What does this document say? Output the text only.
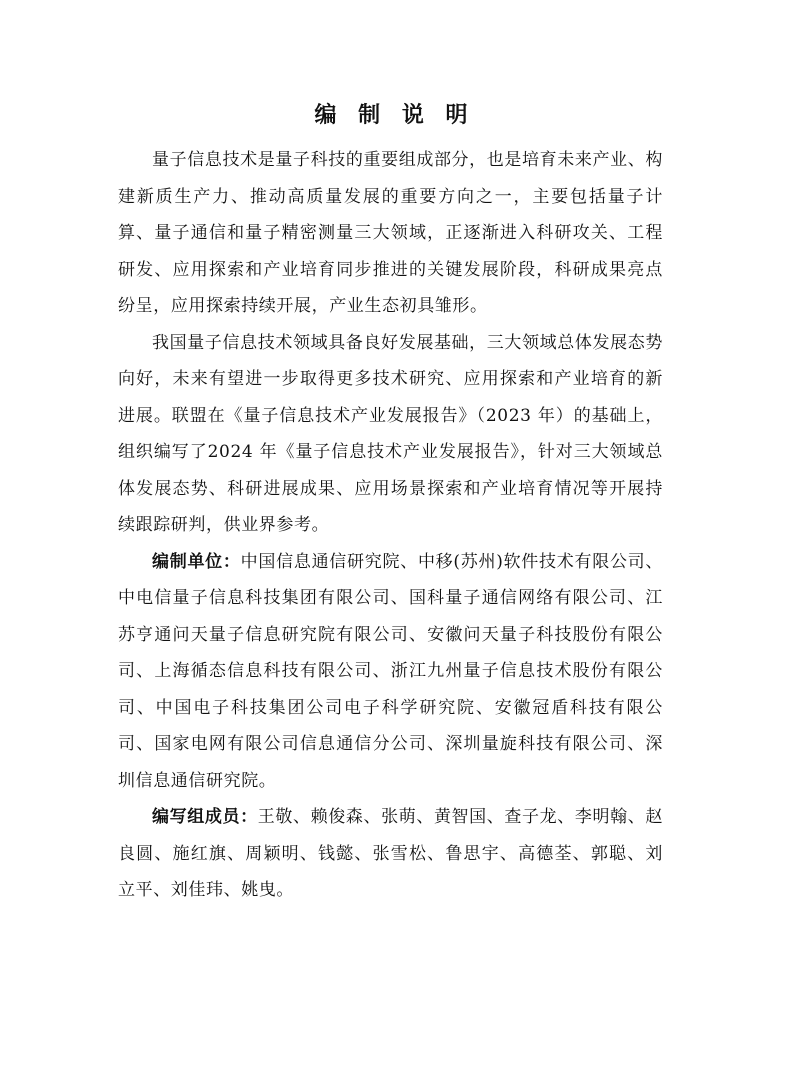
编 制 说 明

量子信息技术是量子科技的重要组成部分，也是培育未来产业、构建新质生产力、推动高质量发展的重要方向之一，主要包括量子计算、量子通信和量子精密测量三大领域，正逐渐进入科研攻关、工程研发、应用探索和产业培育同步推进的关键发展阶段，科研成果亮点纷呈，应用探索持续开展，产业生态初具雏形。

我国量子信息技术领域具备良好发展基础，三大领域总体发展态势向好，未来有望进一步取得更多技术研究、应用探索和产业培育的新进展。联盟在《量子信息技术产业发展报告》（2023 年）的基础上，组织编写了2024 年《量子信息技术产业发展报告》，针对三大领域总体发展态势、科研进展成果、应用场景探索和产业培育情况等开展持续跟踪研判，供业界参考。

编制单位：中国信息通信研究院、中移(苏州)软件技术有限公司、中电信量子信息科技集团有限公司、国科量子通信网络有限公司、江苏亨通问天量子信息研究院有限公司、安徽问天量子科技股份有限公司、上海循态信息科技有限公司、浙江九州量子信息技术股份有限公司、中国电子科技集团公司电子科学研究院、安徽冠盾科技有限公司、国家电网有限公司信息通信分公司、深圳量旋科技有限公司、深圳信息通信研究院。

编写组成员：王敬、赖俊森、张萌、黄智国、查子龙、李明翰、赵良圆、施红旗、周颖明、钱懿、张雪松、鲁思宇、高德荃、郭聪、刘立平、刘佳玮、姚曳。
